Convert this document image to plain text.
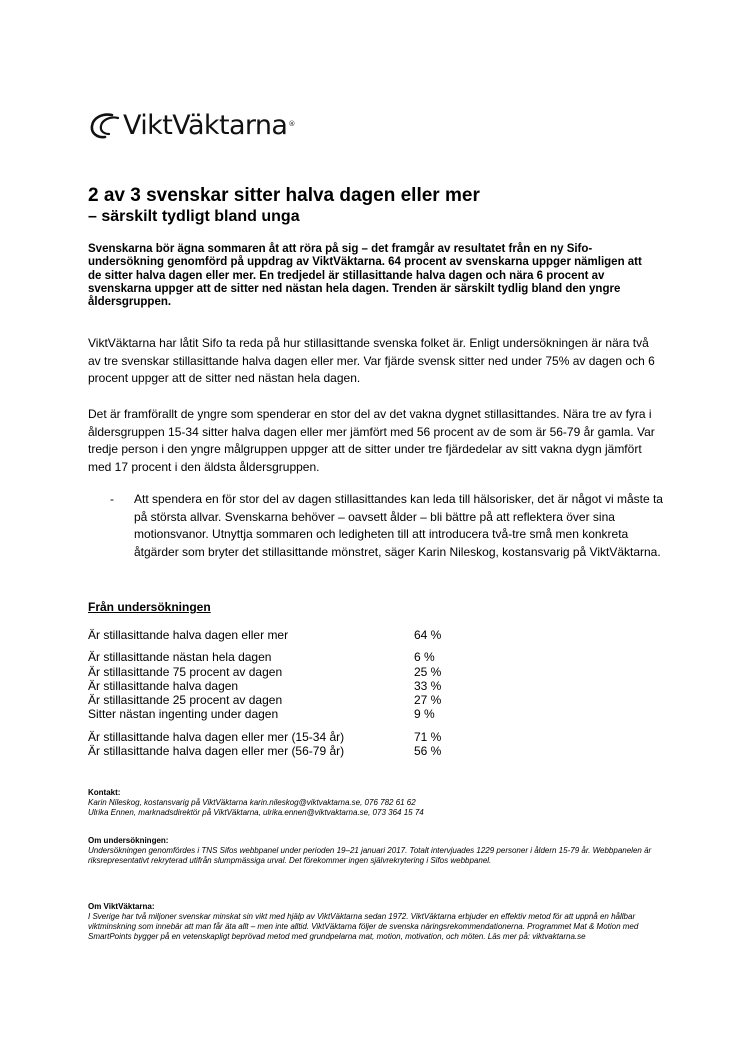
ViktVäktarna®
2 av 3 svenskar sitter halva dagen eller mer
– särskilt tydligt bland unga

Svenskarna bör ägna sommaren åt att röra på sig – det framgår av resultatet från en ny Sifo-undersökning genomförd på uppdrag av ViktVäktarna. 64 procent av svenskarna uppger nämligen att de sitter halva dagen eller mer. En tredjedel är stillasittande halva dagen och nära 6 procent av svenskarna uppger att de sitter ned nästan hela dagen. Trenden är särskilt tydlig bland den yngre åldersgruppen.

ViktVäktarna har låtit Sifo ta reda på hur stillasittande svenska folket är. Enligt undersökningen är nära två av tre svenskar stillasittande halva dagen eller mer. Var fjärde svensk sitter ned under 75% av dagen och 6 procent uppger att de sitter ned nästan hela dagen.

Det är framförallt de yngre som spenderar en stor del av det vakna dygnet stillasittandes. Nära tre av fyra i åldersgruppen 15-34 sitter halva dagen eller mer jämfört med 56 procent av de som är 56-79 år gamla. Var tredje person i den yngre målgruppen uppger att de sitter under tre fjärdedelar av sitt vakna dygn jämfört med 17 procent i den äldsta åldersgruppen.

-	Att spendera en för stor del av dagen stillasittandes kan leda till hälsorisker, det är något vi måste ta på största allvar. Svenskarna behöver – oavsett ålder – bli bättre på att reflektera över sina motionsvanor. Utnyttja sommaren och ledigheten till att introducera två-tre små men konkreta åtgärder som bryter det stillasittande mönstret, säger Karin Nileskog, kostansvarig på ViktVäktarna.
Från undersökningen
Är stillasittande halva dagen eller mer	64 %
Är stillasittande nästan hela dagen	6 %
Är stillasittande 75 procent av dagen	25 %
Är stillasittande halva dagen	33 %
Är stillasittande 25 procent av dagen	27 %
Sitter nästan ingenting under dagen	9 %
Är stillasittande halva dagen eller mer (15-34 år)	71 %
Är stillasittande halva dagen eller mer (56-79 år)	56 %
Kontakt:
Karin Nileskog, kostansvarig på ViktVäktarna karin.nileskog@viktvaktarna.se, 076 782 61 62
Ulrika Ennen, marknadsdirektör på ViktVäktarna, ulrika.ennen@viktvaktarna.se, 073 364 15 74
Om undersökningen:
Undersökningen genomfördes i TNS Sifos webbpanel under perioden 19–21 januari 2017. Totalt intervjuades 1229 personer i åldern 15-79 år. Webbpanelen är riksrepresentativt rekryterad utifrån slumpmässiga urval. Det förekommer ingen självrekrytering i Sifos webbpanel.
Om ViktVäktarna:
I Sverige har två miljoner svenskar minskat sin vikt med hjälp av ViktVäktarna sedan 1972. ViktVäktarna erbjuder en effektiv metod för att uppnå en hållbar viktminskning som innebär att man får äta allt – men inte alltid. ViktVäktarna följer de svenska näringsrekommendationerna. Programmet Mat & Motion med SmartPoints bygger på en vetenskapligt beprövad metod med grundpelarna mat, motion, motivation, och möten. Läs mer på: viktvaktarna.se
